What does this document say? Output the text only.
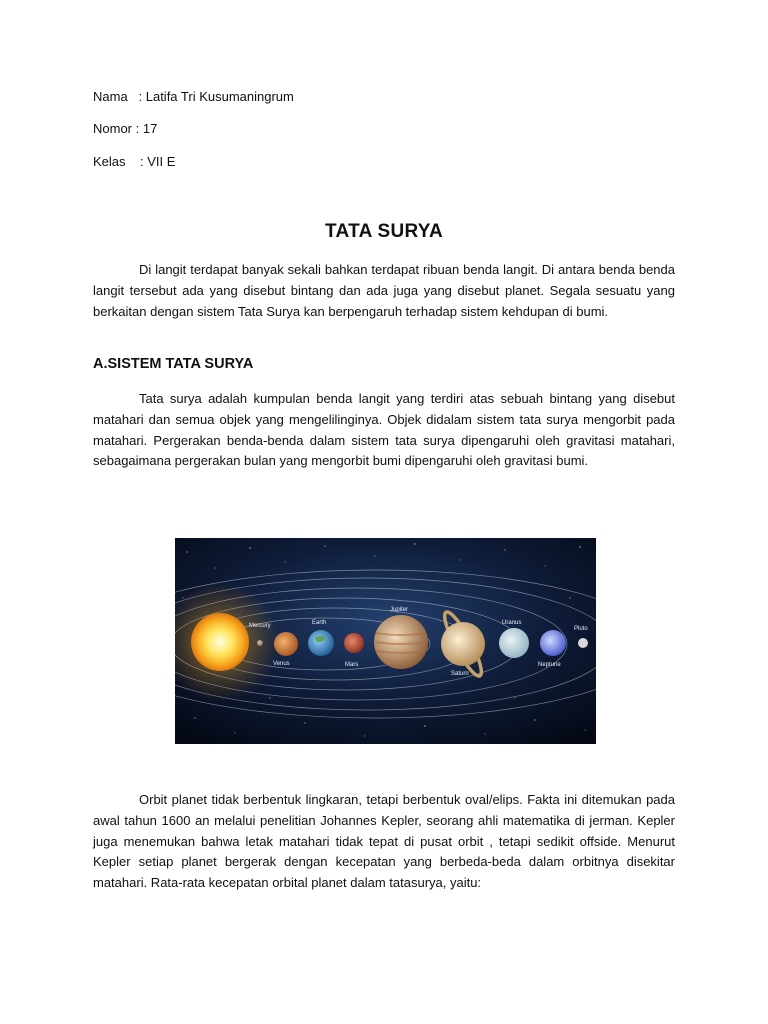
Nama   : Latifa Tri Kusumaningrum
Nomor : 17
Kelas    : VII E
TATA SURYA

Di langit terdapat banyak sekali bahkan terdapat ribuan benda langit. Di antara benda benda langit tersebut ada yang disebut bintang dan ada juga yang disebut planet. Segala sesuatu yang berkaitan dengan sistem Tata Surya kan berpengaruh terhadap sistem kehdupan di bumi.

A.SISTEM TATA SURYA

Tata surya adalah kumpulan benda langit yang terdiri atas sebuah bintang yang disebut matahari dan semua objek yang mengelilinginya. Objek didalam sistem tata surya mengorbit pada matahari. Pergerakan benda-benda dalam sistem tata surya dipengaruhi oleh gravitasi matahari, sebagaimana pergerakan bulan yang mengorbit bumi dipengaruhi oleh gravitasi bumi.

Mercury
Venus
Earth
Mars
Jupiter
Saturn
Uranus
Neptune
Pluto

Orbit planet tidak berbentuk lingkaran, tetapi berbentuk oval/elips. Fakta ini ditemukan pada awal tahun 1600 an melalui penelitian Johannes Kepler, seorang ahli matematika di jerman. Kepler juga menemukan bahwa letak matahari tidak tepat di pusat orbit , tetapi sedikit offside. Menurut Kepler setiap planet bergerak dengan kecepatan yang berbeda-beda dalam orbitnya disekitar matahari. Rata-rata kecepatan orbital planet dalam tatasurya, yaitu:
